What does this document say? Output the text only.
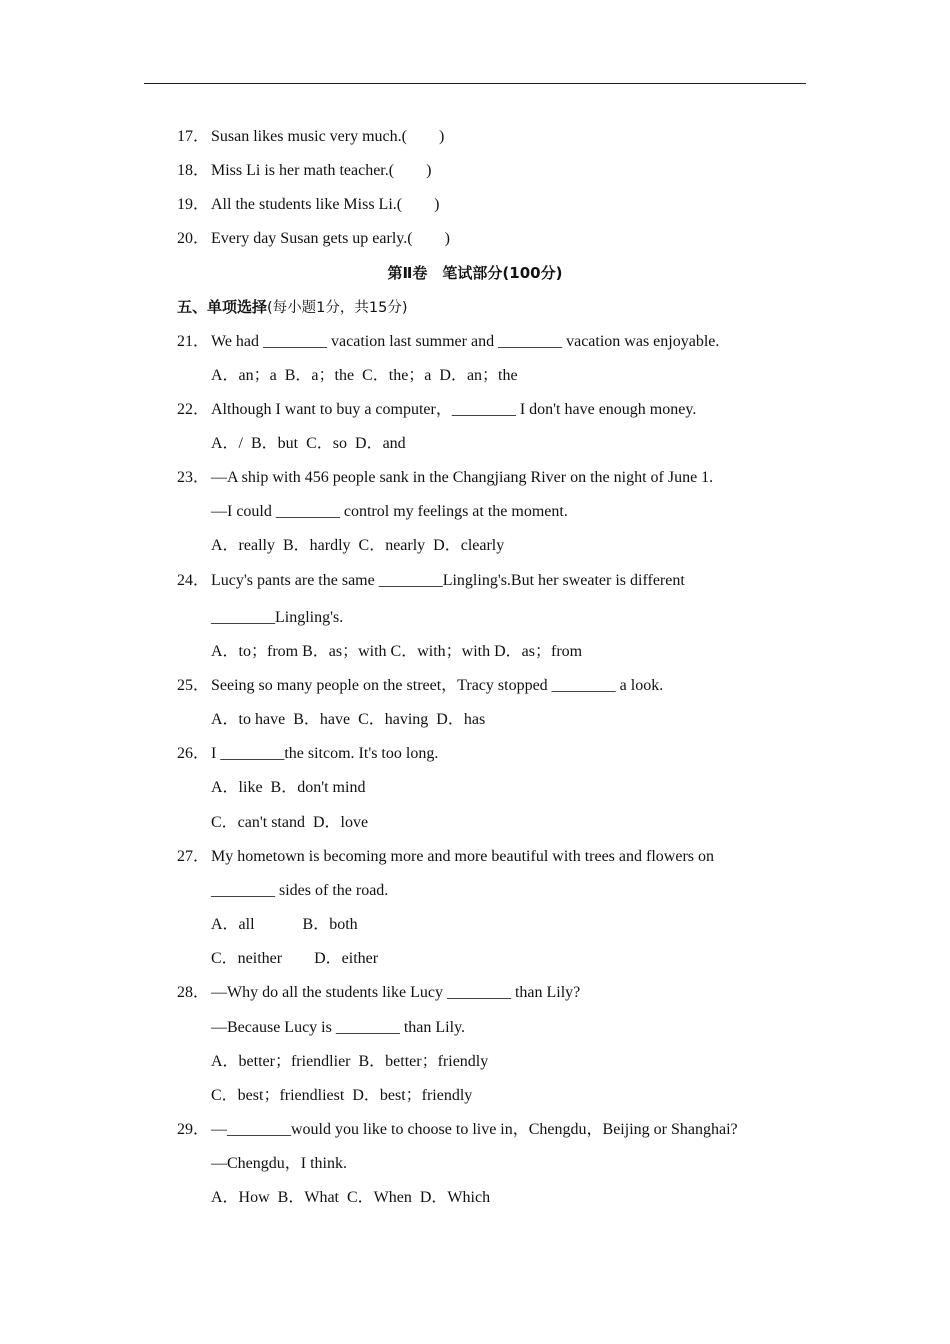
17． Susan likes music very much.(　　)
18． Miss Li is her math teacher.(　　)
19． All the students like Miss Li.(　　)
20． Every day Susan gets up early.(　　)
第Ⅱ卷　笔试部分(100分)
五、单项选择(每小题1分，共15分)
21． We had ________ vacation last summer and ________ vacation was enjoyable.
A．an；a  B．a；the  C．the；a  D．an；the
22． Although I want to buy a computer，________ I don't have enough money.
A．/  B．but  C．so  D．and
23． —A ship with 456 people sank in the Changjiang River on the night of June 1.
—I could ________ control my feelings at the moment.
A．really  B．hardly  C．nearly  D．clearly
24． Lucy's pants are the same ________Lingling's.But her sweater is different
________Lingling's.
A．to；from B．as；with C．with；with D．as；from
25． Seeing so many people on the street，Tracy stopped ________ a look.
A．to have  B．have  C．having  D．has
26． I ________the sitcom. It's too long.
A．like  B．don't mind
C．can't stand  D．love
27． My hometown is becoming more and more beautiful with trees and flowers on
________ sides of the road.
A．all　　　B．both
C．neither　　D．either
28． —Why do all the students like Lucy ________ than Lily?
—Because Lucy is ________ than Lily.
A．better；friendlier  B．better；friendly
C．best；friendliest  D．best；friendly
29． —________would you like to choose to live in，Chengdu，Beijing or Shanghai?
—Chengdu，I think.
A．How  B．What  C．When  D．Which
